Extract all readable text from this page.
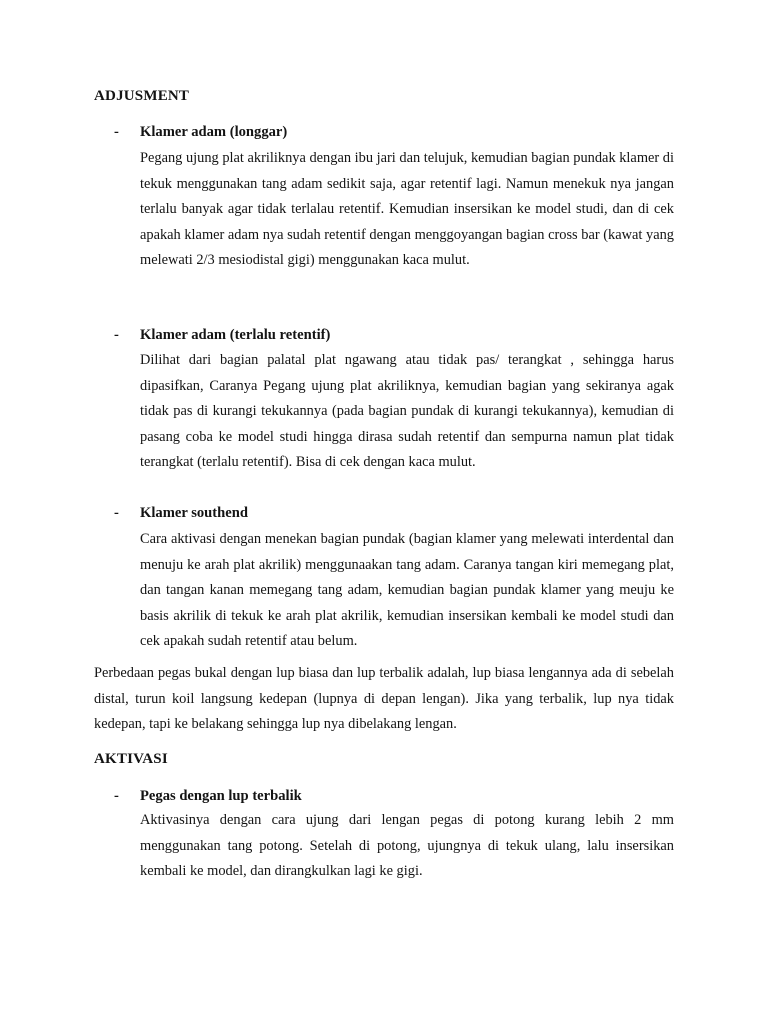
ADJUSMENT
- Klamer adam (longgar)

Pegang ujung plat akriliknya dengan ibu jari dan telujuk, kemudian bagian pundak klamer di tekuk menggunakan tang adam sedikit saja, agar retentif lagi. Namun menekuk nya jangan terlalu banyak agar tidak terlalau retentif. Kemudian insersikan ke model studi, dan di cek apakah klamer adam nya sudah retentif dengan menggoyangan bagian cross bar (kawat yang melewati 2/3 mesiodistal gigi) menggunakan kaca mulut.

- Klamer adam (terlalu retentif)

Dilihat dari bagian palatal plat ngawang atau tidak pas/ terangkat , sehingga harus dipasifkan, Caranya Pegang ujung plat akriliknya, kemudian bagian yang sekiranya agak tidak pas di kurangi tekukannya (pada bagian pundak di kurangi tekukannya), kemudian di pasang coba ke model studi hingga dirasa sudah retentif dan sempurna namun plat tidak terangkat (terlalu retentif). Bisa di cek dengan kaca mulut.

- Klamer southend

Cara aktivasi dengan menekan bagian pundak (bagian klamer yang melewati interdental dan menuju ke arah plat akrilik) menggunaakan tang adam. Caranya tangan kiri memegang plat, dan tangan kanan memegang tang adam, kemudian bagian pundak klamer yang meuju ke basis akrilik di tekuk ke arah plat akrilik, kemudian insersikan kembali ke model studi dan cek apakah sudah retentif atau belum.

Perbedaan pegas bukal dengan lup biasa dan lup terbalik adalah, lup biasa lengannya ada di sebelah distal, turun koil langsung kedepan (lupnya di depan lengan). Jika yang terbalik, lup nya tidak kedepan, tapi ke belakang sehingga lup nya dibelakang lengan.

AKTIVASI
- Pegas dengan lup terbalik

Aktivasinya dengan cara ujung dari lengan pegas di potong kurang lebih 2 mm menggunakan tang potong. Setelah di potong, ujungnya di tekuk ulang, lalu insersikan kembali ke model, dan dirangkulkan lagi ke gigi.
